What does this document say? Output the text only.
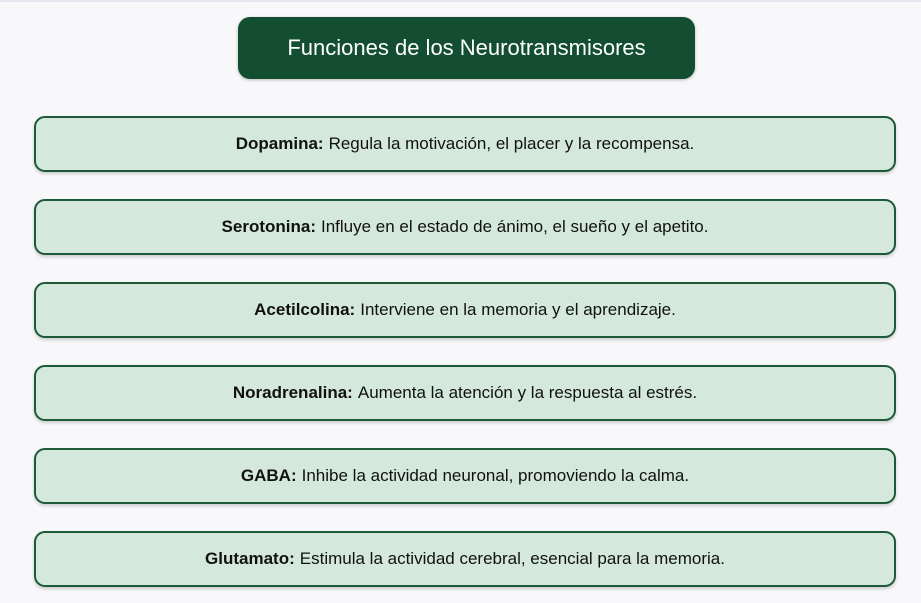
Funciones de los Neurotransmisores
Dopamina: Regula la motivación, el placer y la recompensa.
Serotonina: Influye en el estado de ánimo, el sueño y el apetito.
Acetilcolina: Interviene en la memoria y el aprendizaje.
Noradrenalina: Aumenta la atención y la respuesta al estrés.
GABA: Inhibe la actividad neuronal, promoviendo la calma.
Glutamato: Estimula la actividad cerebral, esencial para la memoria.
